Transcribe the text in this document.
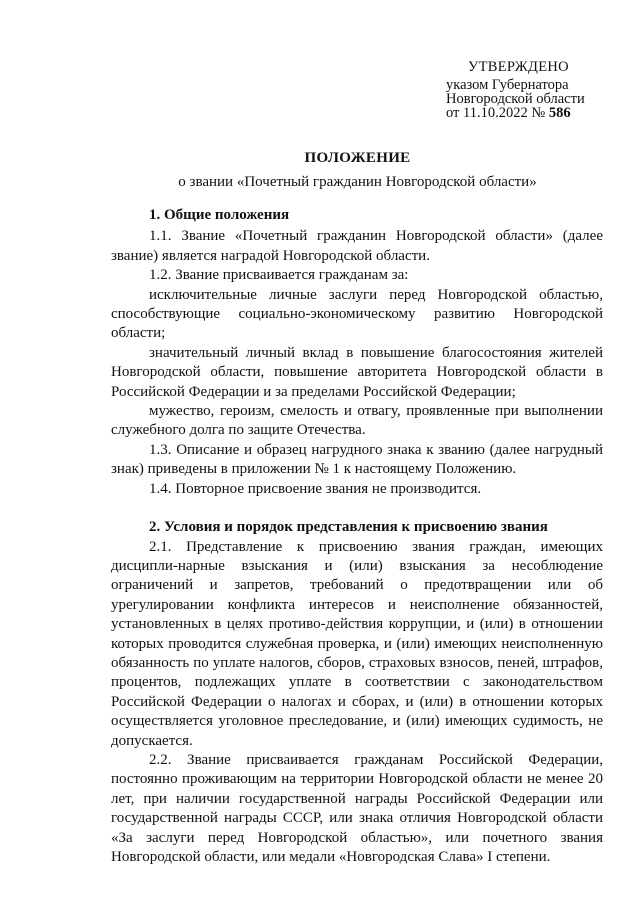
УТВЕРЖДЕНО
указом Губернатора
Новгородской области
от 11.10.2022 № 586
ПОЛОЖЕНИЕ
о звании «Почетный гражданин Новгородской области»

1. Общие положения

1.1. Звание «Почетный гражданин Новгородской области» (далее звание) является наградой Новгородской области.

1.2. Звание присваивается гражданам за:

исключительные личные заслуги перед Новгородской областью, способствующие социально-экономическому развитию Новгородской области;

значительный личный вклад в повышение благосостояния жителей Новгородской области, повышение авторитета Новгородской области в Российской Федерации и за пределами Российской Федерации;

мужество, героизм, смелость и отвагу, проявленные при выполнении служебного долга по защите Отечества.

1.3. Описание и образец нагрудного знака к званию (далее нагрудный знак) приведены в приложении № 1 к настоящему Положению.

1.4. Повторное присвоение звания не производится.

2. Условия и порядок представления к присвоению звания

2.1. Представление к присвоению звания граждан, имеющих дисципли-нарные взыскания и (или) взыскания за несоблюдение ограничений и запретов, требований о предотвращении или об урегулировании конфликта интересов и неисполнение обязанностей, установленных в целях противо-действия коррупции, и (или) в отношении которых проводится служебная проверка, и (или) имеющих неисполненную обязанность по уплате налогов, сборов, страховых взносов, пеней, штрафов, процентов, подлежащих уплате в соответствии с законодательством Российской Федерации о налогах и сборах, и (или) в отношении которых осуществляется уголовное преследование, и (или) имеющих судимость, не допускается.

2.2. Звание присваивается гражданам Российской Федерации, постоянно проживающим на территории Новгородской области не менее 20 лет, при наличии государственной награды Российской Федерации или государственной награды СССР, или знака отличия Новгородской области «За заслуги перед Новгородской областью», или почетного звания Новгородской области, или медали «Новгородская Слава» I степени.
